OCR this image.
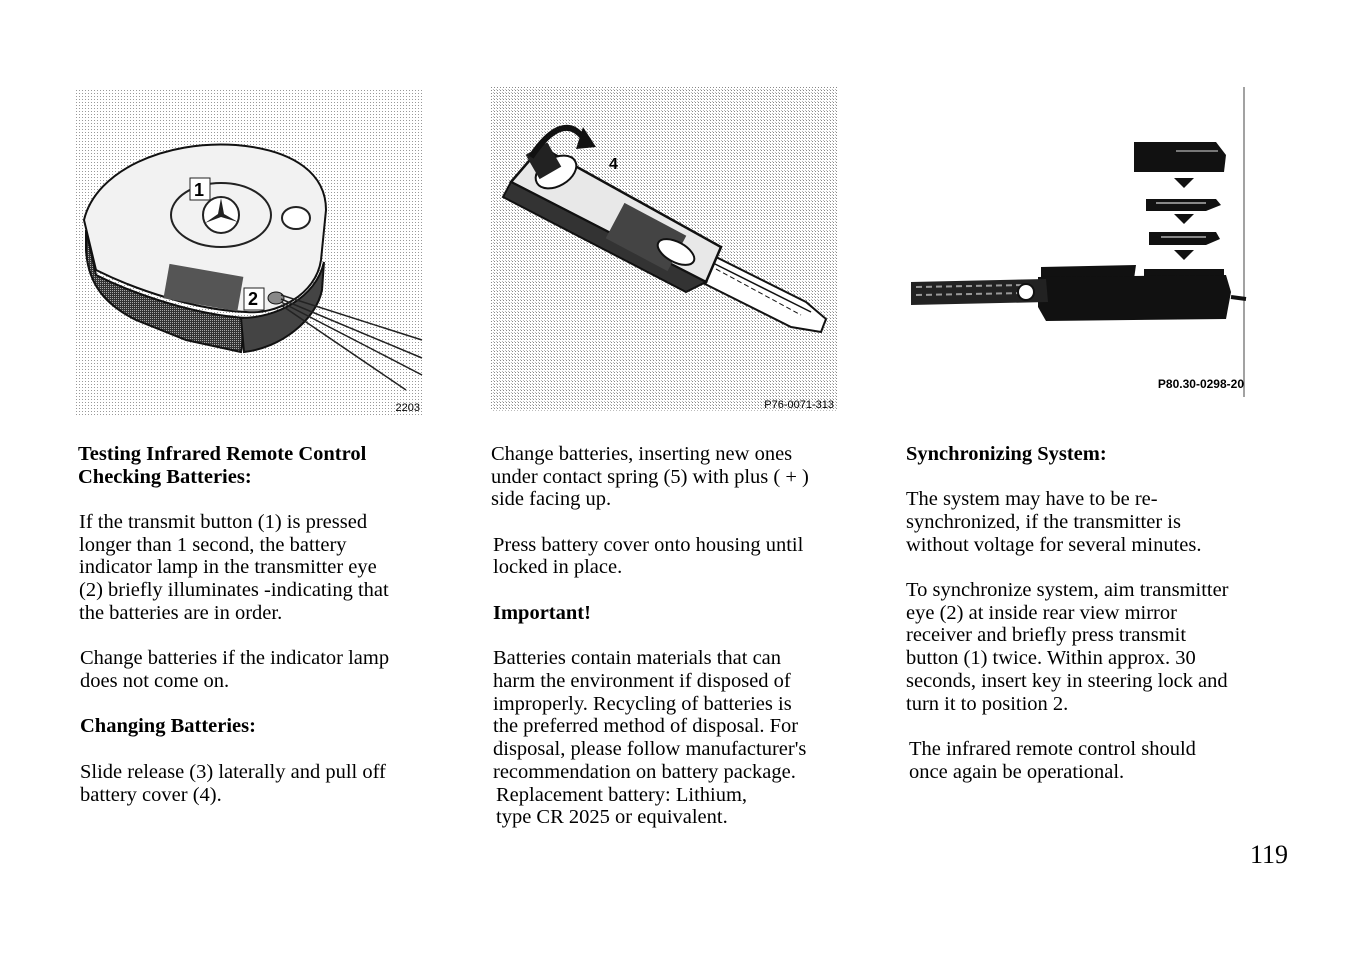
1
2
2203
4
P76-0071-313
P80.30-0298-20

Testing Infrared Remote Control

Checking Batteries:

If the transmit button (1) is pressed

longer than 1 second, the battery

indicator lamp in the transmitter eye

(2) briefly illuminates -indicating that

the batteries are in order.

Change batteries if the indicator lamp

does not come on.

Changing Batteries:

Slide release (3) laterally and pull off

battery cover (4).

Change batteries, inserting new ones

under contact spring (5) with plus ( + )

side facing up.

Press battery cover onto housing until

locked in place.

Important!

Batteries contain materials that can

harm the environment if disposed of

improperly. Recycling of batteries is

the preferred method of disposal. For

disposal, please follow manufacturer's

recommendation on battery package.

Replacement battery: Lithium,

type CR 2025 or equivalent.

Synchronizing System:

The system may have to be re-

synchronized, if the transmitter is

without voltage for several minutes.

To synchronize system, aim transmitter

eye (2) at inside rear view mirror

receiver and briefly press transmit

button (1) twice. Within approx. 30

seconds, insert key in steering lock and

turn it to position 2.

The infrared remote control should

once again be operational.

119
